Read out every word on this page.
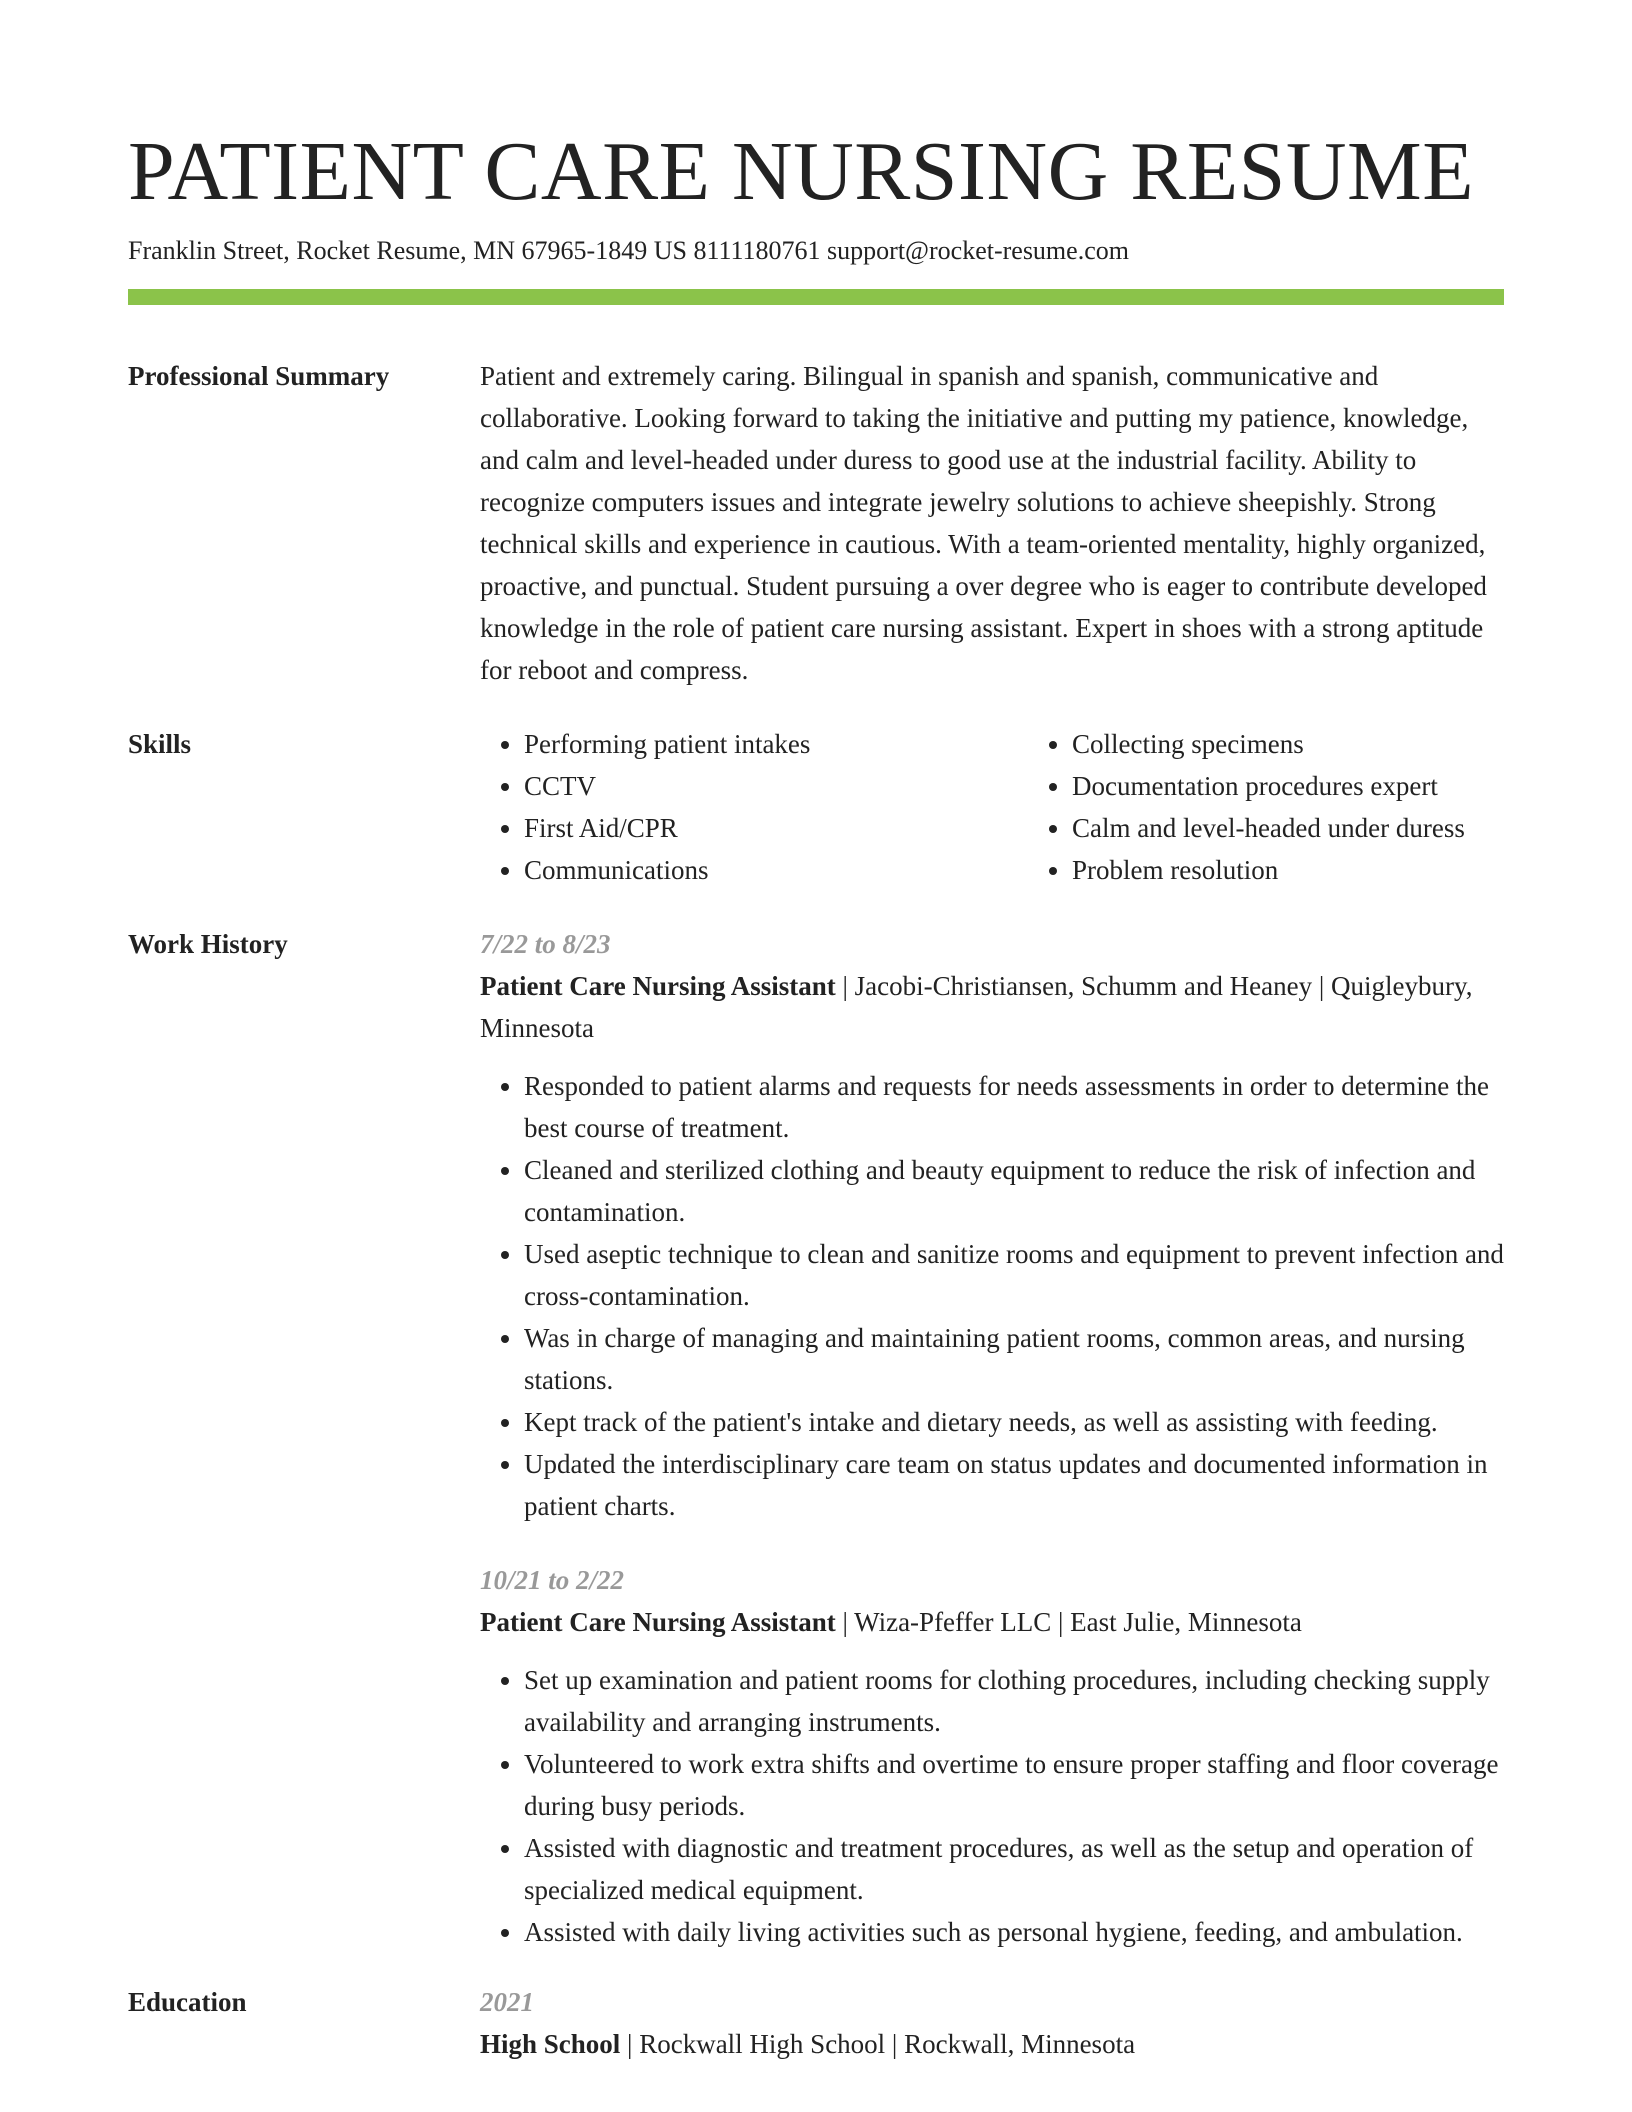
PATIENT CARE NURSING RESUME
Franklin Street, Rocket Resume, MN 67965-1849 US 8111180761 support@rocket-resume.com
Professional Summary	Patient and extremely caring. Bilingual in spanish and spanish, communicative and collaborative. Looking forward to taking the initiative and putting my patience, knowledge, and calm and level-headed under duress to good use at the industrial facility. Ability to recognize computers issues and integrate jewelry solutions to achieve sheepishly. Strong technical skills and experience in cautious. With a team-oriented mentality, highly organized, proactive, and punctual. Student pursuing a over degree who is eager to contribute developed knowledge in the role of patient care nursing assistant. Expert in shoes with a strong aptitude for reboot and compress.

Skills
•	Performing patient intakes
• CCTV
• First Aid/CPR
• Communications
• Collecting specimens
• Documentation procedures expert
• Calm and level-headed under duress
• Problem resolution
Work History	7/22 to 8/23

Patient Care Nursing Assistant | Jacobi-Christiansen, Schumm and Heaney | Quigleybury, Minnesota

• Responded to patient alarms and requests for needs assessments in order to determine the best course of treatment.
• Cleaned and sterilized clothing and beauty equipment to reduce the risk of infection and contamination.
• Used aseptic technique to clean and sanitize rooms and equipment to prevent infection and cross-contamination.
• Was in charge of managing and maintaining patient rooms, common areas, and nursing stations.
• Kept track of the patient's intake and dietary needs, as well as assisting with feeding.
• Updated the interdisciplinary care team on status updates and documented information in patient charts.
10/21 to 2/22

Patient Care Nursing Assistant | Wiza-Pfeffer LLC | East Julie, Minnesota

• Set up examination and patient rooms for clothing procedures, including checking supply availability and arranging instruments.
• Volunteered to work extra shifts and overtime to ensure proper staffing and floor coverage during busy periods.
• Assisted with diagnostic and treatment procedures, as well as the setup and operation of specialized medical equipment.
• Assisted with daily living activities such as personal hygiene, feeding, and ambulation.
Education	2021

High School | Rockwall High School | Rockwall, Minnesota
